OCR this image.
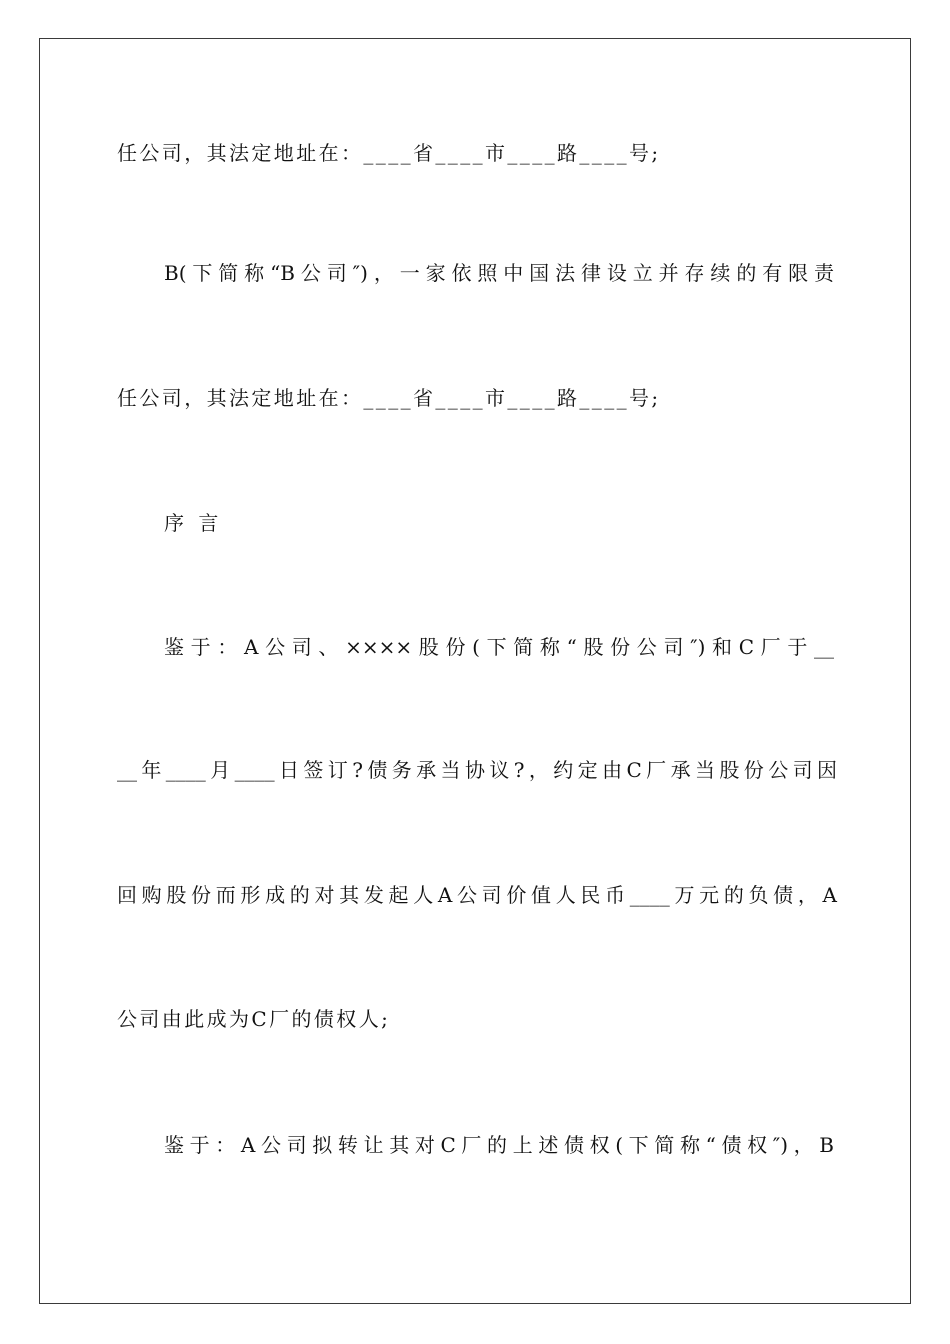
任公司，其法定地址在：____省____市____路____号;
B(下简称“B公司″)，一家依照中国法律设立并存续的有限责
任公司，其法定地址在：____省____市____路____号;
序 言
鉴于：A公司、××××股份(下简称“股份公司″)和C厂于__
__年____月____日签订?债务承当协议?，约定由C厂承当股份公司因
回购股份而形成的对其发起人A公司价值人民币____万元的负债，A
公司由此成为C厂的债权人;
鉴于：A公司拟转让其对C厂的上述债权(下简称“债权″)，B
